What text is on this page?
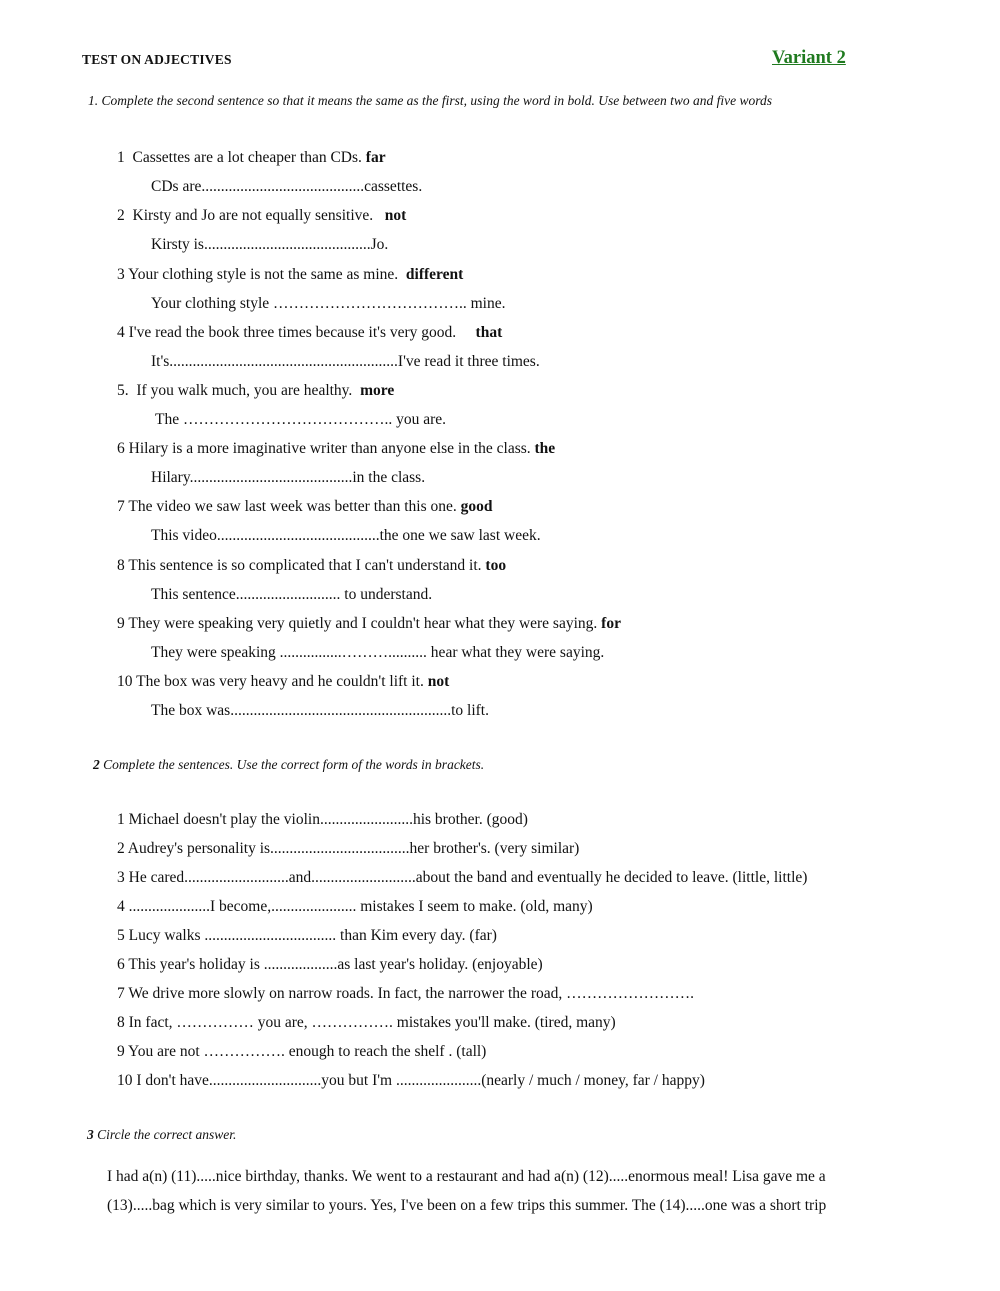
TEST ON ADJECTIVES	Variant 2
1. Complete the second sentence so that it means the same as the first, using the word in bold. Use between two and five words
1 Cassettes are a lot cheaper than CDs. far
CDs are..........................................cassettes.
2 Kirsty and Jo are not equally sensitive. not
Kirsty is...........................................Jo.
3 Your clothing style is not the same as mine. different
Your clothing style ……………………………….. mine.
4 I've read the book three times because it's very good. that
It's...........................................................I've read it three times.
5. If you walk much, you are healthy. more
The ………………………………….. you are.
6 Hilary is a more imaginative writer than anyone else in the class. the
Hilary..........................................in the class.
7 The video we saw last week was better than this one. good
This video..........................................the one we saw last week.
8 This sentence is so complicated that I can't understand it. too
This sentence........................... to understand.
9 They were speaking very quietly and I couldn't hear what they were saying. for
They were speaking ................……….......... hear what they were saying.
10 The box was very heavy and he couldn't lift it. not
The box was.........................................................to lift.
2 Complete the sentences. Use the correct form of the words in brackets.
1 Michael doesn't play the violin........................his brother. (good)
2 Audrey's personality is....................................her brother's. (very similar)
3 He cared...........................and...........................about the band and eventually he decided to leave. (little, little)
4 .....................I become,...................... mistakes I seem to make. (old, many)
5 Lucy walks .................................. than Kim every day. (far)
6 This year's holiday is ...................as last year's holiday. (enjoyable)
7 We drive more slowly on narrow roads. In fact, the narrower the road, …………………….
8 In fact, …………… you are, ……………. mistakes you'll make. (tired, many)
9 You are not ……………. enough to reach the shelf . (tall)
10 I don't have.............................you but I'm ......................(nearly / much / money, far / happy)
3 Circle the correct answer.
I had a(n) (11).....nice birthday, thanks. We went to a restaurant and had a(n) (12).....enormous meal! Lisa gave me a
(13).....bag which is very similar to yours. Yes, I've been on a few trips this summer. The (14).....one was a short trip
